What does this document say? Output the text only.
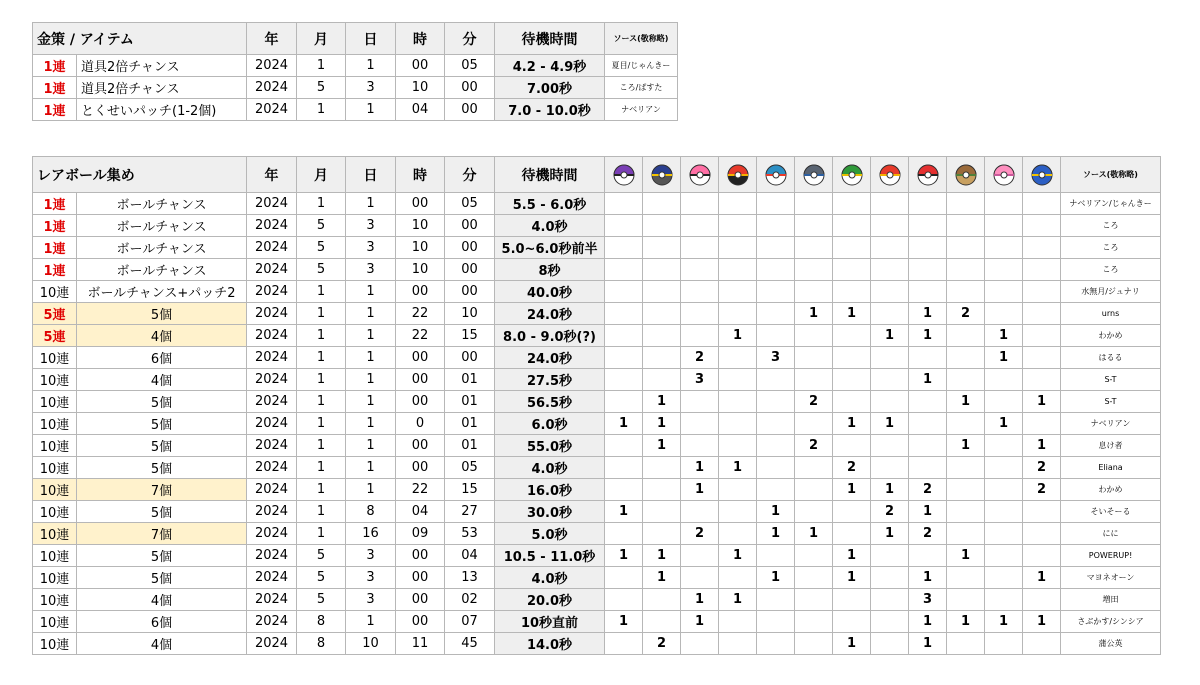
金策 / アイテム		年	月	日	時	分	待機時間	ソース(敬称略)
1連	道具2倍チャンス	2024	1	1	00	05	4.2 - 4.9秒	夏目/じゃんきー
1連	道具2倍チャンス	2024	5	3	10	00	7.00秒	ころ/ぱすた
1連	とくせいパッチ(1-2個)	2024	1	1	04	00	7.0 - 10.0秒	ナベリアン
レアボール集め		年	月	日	時	分	待機時間													ソース(敬称略)
1連	ボールチャンス	2024	1	1	00	05	5.5 - 6.0秒													ナベリアン/じゃんきー
1連	ボールチャンス	2024	5	3	10	00	4.0秒													ころ
1連	ボールチャンス	2024	5	3	10	00	5.0~6.0秒前半													ころ
1連	ボールチャンス	2024	5	3	10	00	8秒													ころ
10連	ボールチャンス+パッチ2	2024	1	1	00	00	40.0秒													水無月/ジュナリ
5連	5個	2024	1	1	22	10	24.0秒						1	1		1	2			urns
5連	4個	2024	1	1	22	15	8.0 - 9.0秒(?)				1				1	1		1		わかめ
10連	6個	2024	1	1	00	00	24.0秒			2		3						1		はるる
10連	4個	2024	1	1	00	01	27.5秒			3						1				S-T
10連	5個	2024	1	1	00	01	56.5秒		1				2				1		1	S-T
10連	5個	2024	1	1	0	01	6.0秒	1	1					1	1			1		ナベリアン
10連	5個	2024	1	1	00	01	55.0秒		1				2				1		1	息け者
10連	5個	2024	1	1	00	05	4.0秒			1	1			2					2	Eliana
10連	7個	2024	1	1	22	15	16.0秒			1				1	1	2			2	わかめ
10連	5個	2024	1	8	04	27	30.0秒	1				1			2	1				そいそーる
10連	7個	2024	1	16	09	53	5.0秒			2		1	1		1	2				にに
10連	5個	2024	5	3	00	04	10.5 - 11.0秒	1	1		1			1			1			POWERUP!
10連	5個	2024	5	3	00	13	4.0秒		1			1		1		1			1	マヨネオーン
10連	4個	2024	5	3	00	02	20.0秒			1	1					3				増田
10連	6個	2024	8	1	00	07	10秒直前	1		1						1	1	1	1	さぶかす/シンシア
10連	4個	2024	8	10	11	45	14.0秒		2					1		1				蒲公英
